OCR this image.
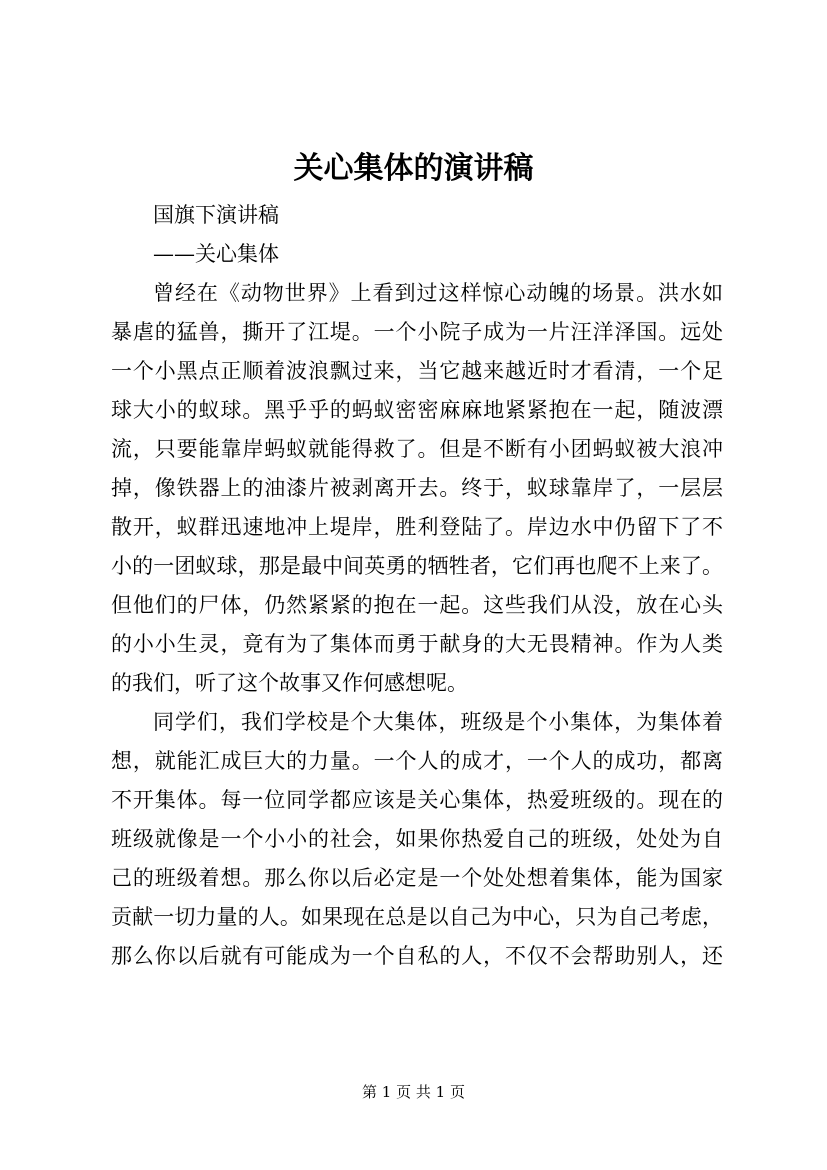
关心集体的演讲稿
国旗下演讲稿
——关心集体
曾经在《动物世界》上看到过这样惊心动魄的场景。洪水如
暴虐的猛兽，撕开了江堤。一个小院子成为一片汪洋泽国。远处
一个小黑点正顺着波浪飘过来，当它越来越近时才看清，一个足
球大小的蚁球。黑乎乎的蚂蚁密密麻麻地紧紧抱在一起，随波漂
流，只要能靠岸蚂蚁就能得救了。但是不断有小团蚂蚁被大浪冲
掉，像铁器上的油漆片被剥离开去。终于，蚁球靠岸了，一层层
散开，蚁群迅速地冲上堤岸，胜利登陆了。岸边水中仍留下了不
小的一团蚁球，那是最中间英勇的牺牲者，它们再也爬不上来了。
但他们的尸体，仍然紧紧的抱在一起。这些我们从没，放在心头
的小小生灵，竟有为了集体而勇于献身的大无畏精神。作为人类
的我们，听了这个故事又作何感想呢。
同学们，我们学校是个大集体，班级是个小集体，为集体着
想，就能汇成巨大的力量。一个人的成才，一个人的成功，都离
不开集体。每一位同学都应该是关心集体，热爱班级的。现在的
班级就像是一个小小的社会，如果你热爱自己的班级，处处为自
己的班级着想。那么你以后必定是一个处处想着集体，能为国家
贡献一切力量的人。如果现在总是以自己为中心，只为自己考虑，
那么你以后就有可能成为一个自私的人，不仅不会帮助别人，还
第 1 页 共 1 页
